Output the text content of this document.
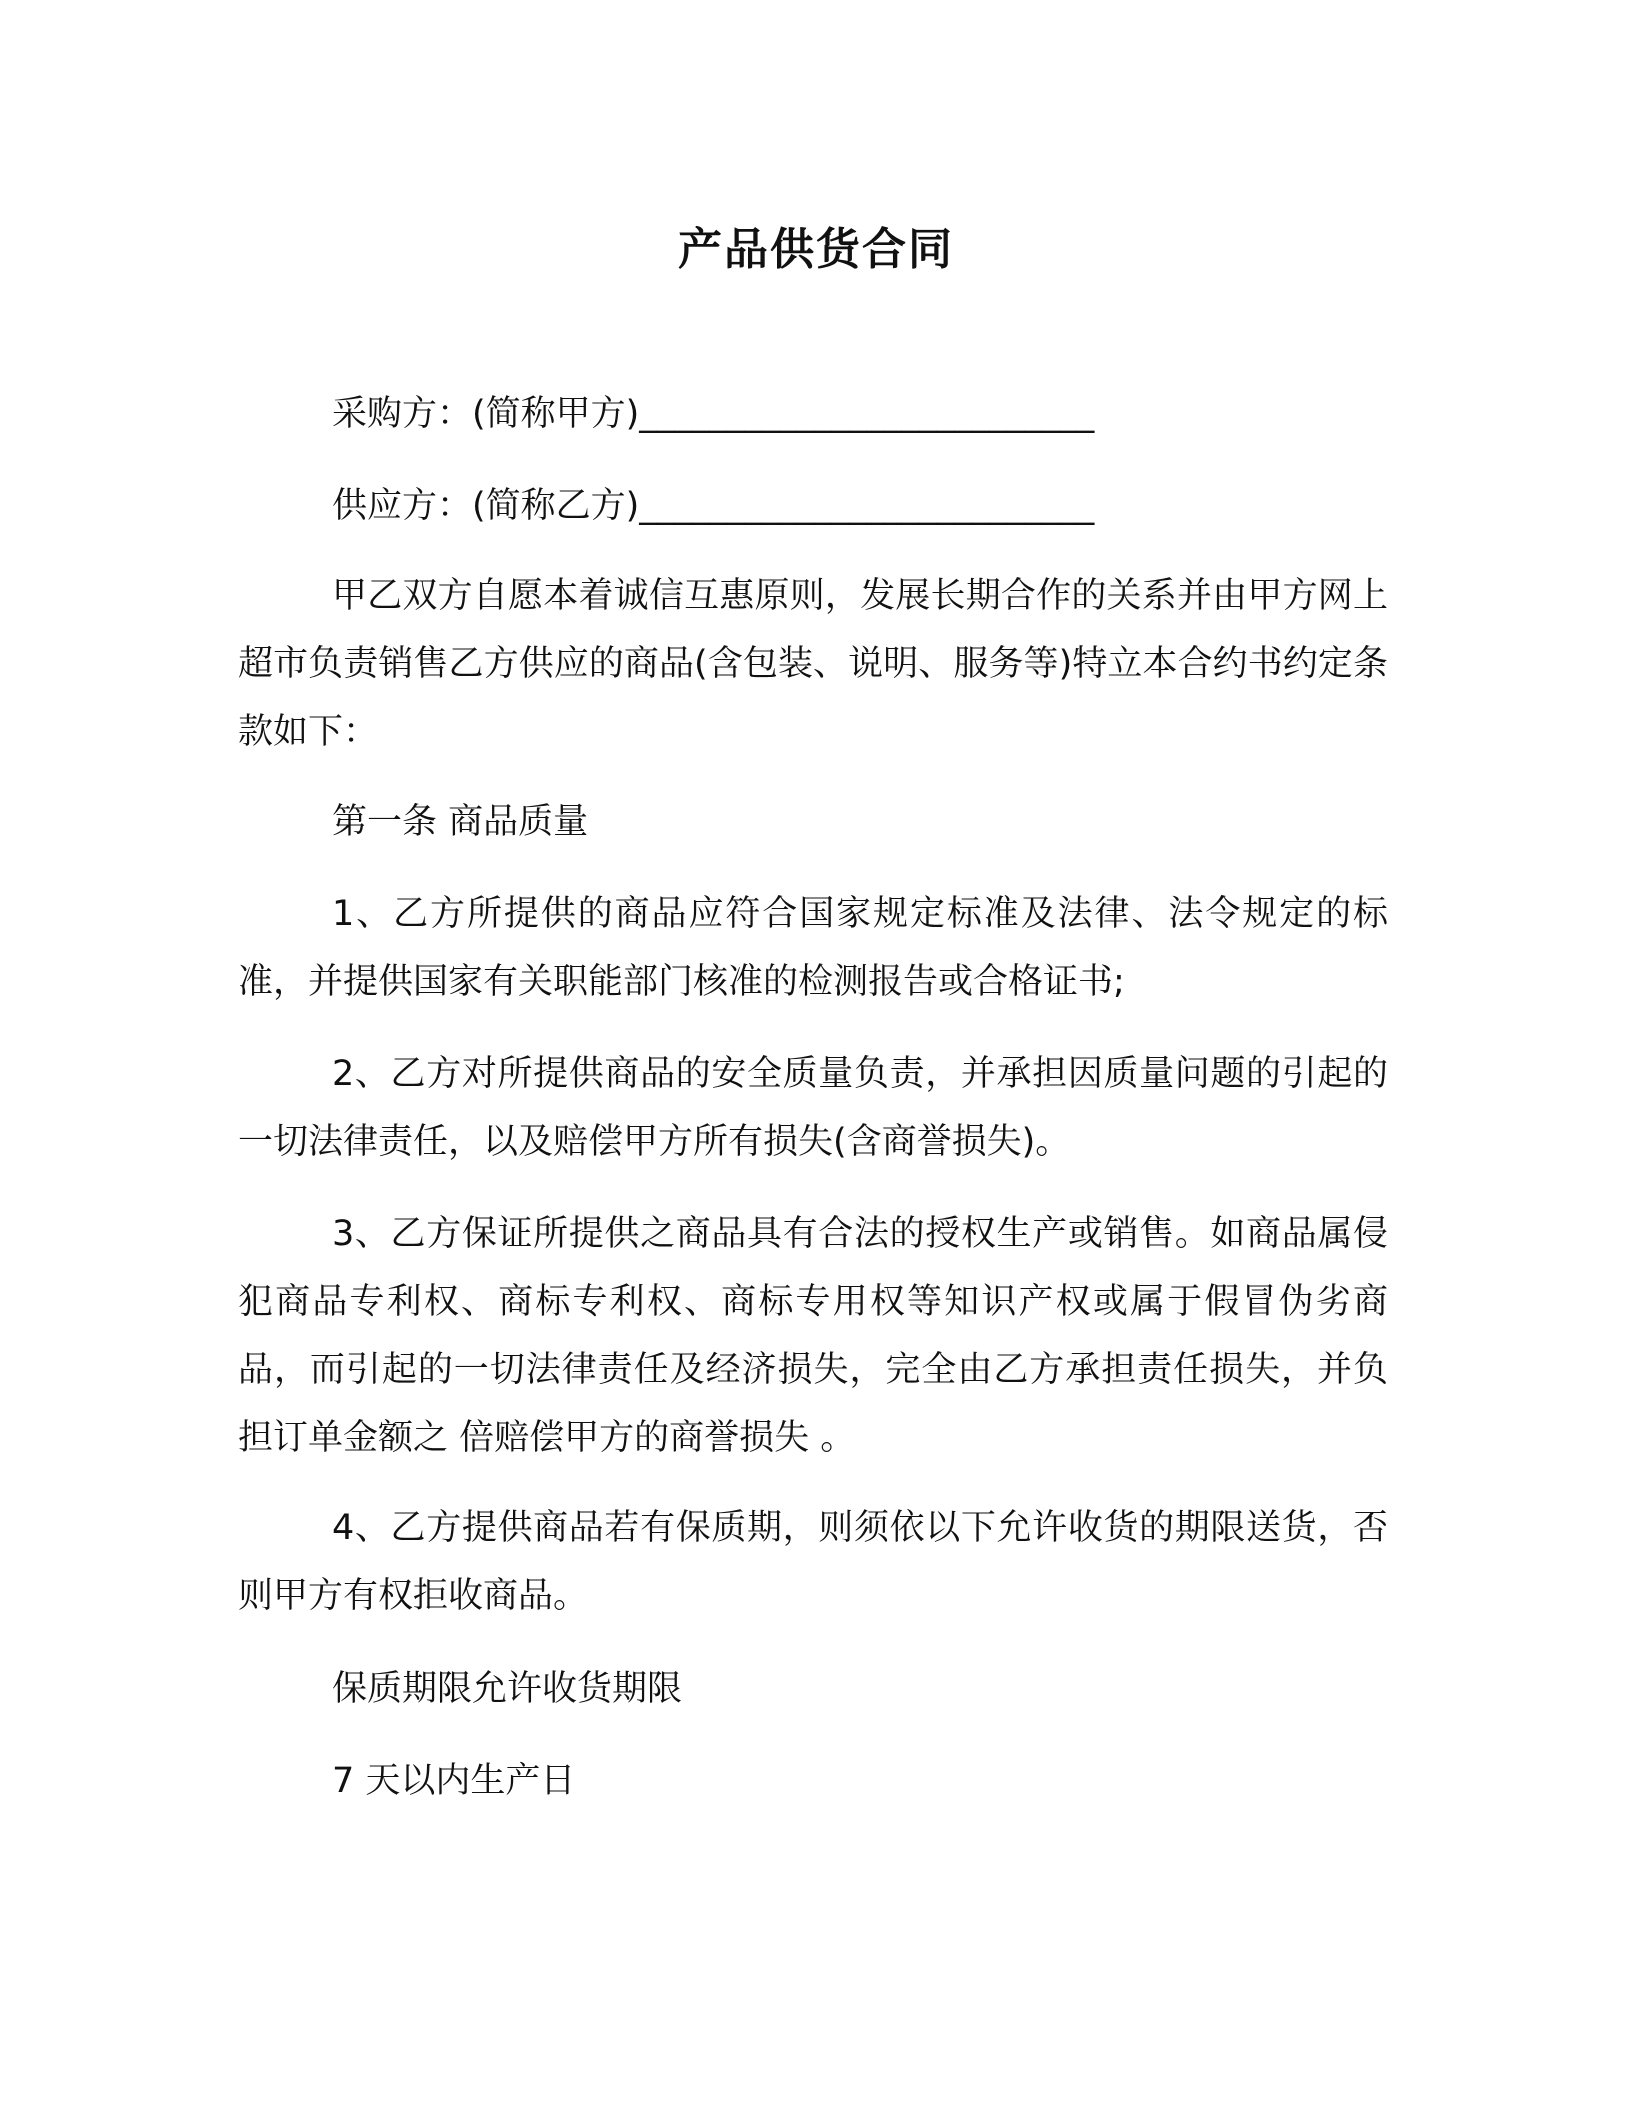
产品供货合同
采购方：(简称甲方)__________________________
供应方：(简称乙方)__________________________

甲乙双方自愿本着诚信互惠原则，发展长期合作的关系并由甲方网上超市负责销售乙方供应的商品(含包装、说明、服务等)特立本合约书约定条款如下：

第一条 商品质量

1、乙方所提供的商品应符合国家规定标准及法律、法令规定的标准，并提供国家有关职能部门核准的检测报告或合格证书;

2、乙方对所提供商品的安全质量负责，并承担因质量问题的引起的一切法律责任，以及赔偿甲方所有损失(含商誉损失)。

3、乙方保证所提供之商品具有合法的授权生产或销售。如商品属侵犯商品专利权、商标专利权、商标专用权等知识产权或属于假冒伪劣商品，而引起的一切法律责任及经济损失，完全由乙方承担责任损失，并负担订单金额之 倍赔偿甲方的商誉损失 。

4、乙方提供商品若有保质期，则须依以下允许收货的期限送货，否则甲方有权拒收商品。

保质期限允许收货期限
7 天以内生产日
